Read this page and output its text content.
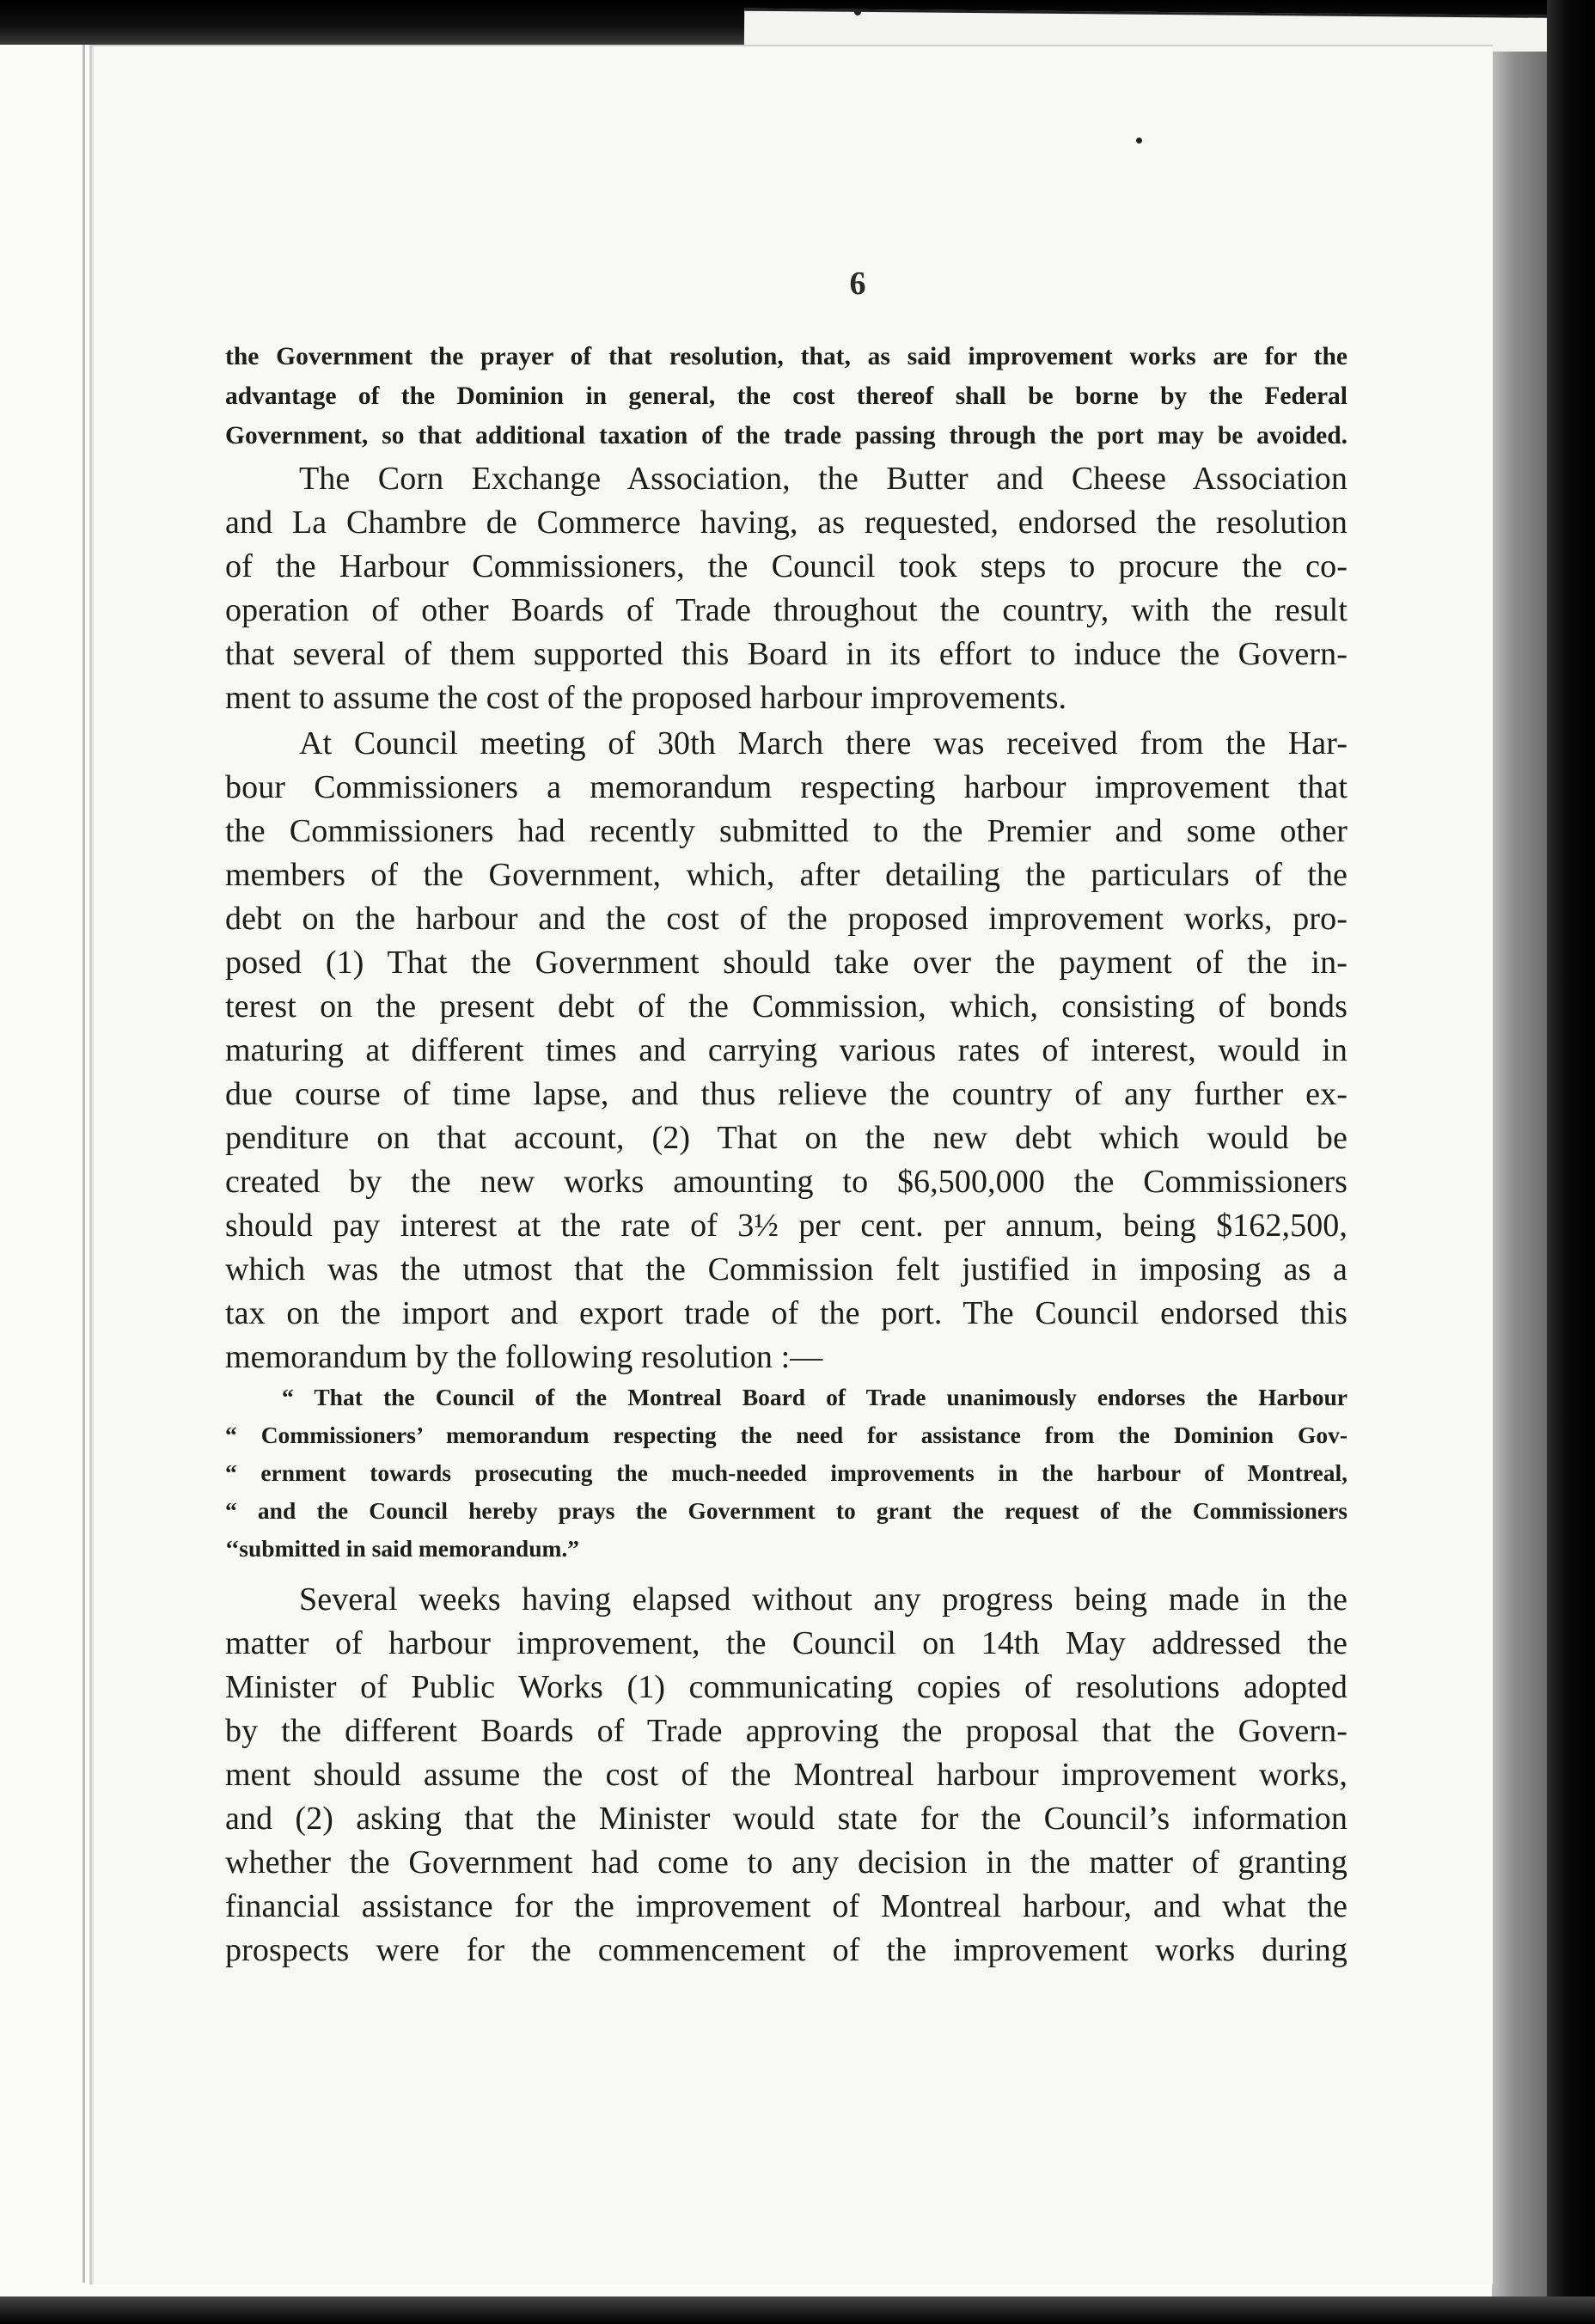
6
the Government the prayer of that resolution, that, as said improvement works are for the
advantage of the Dominion in general, the cost thereof shall be borne by the Federal
Government, so that additional taxation of the trade passing through the port may be avoided.
The Corn Exchange Association, the Butter and Cheese Association
and La Chambre de Commerce having, as requested, endorsed the resolution
of the Harbour Commissioners, the Council took steps to procure the co-
operation of other Boards of Trade throughout the country, with the result
that several of them supported this Board in its effort to induce the Govern-
ment to assume the cost of the proposed harbour improvements.
At Council meeting of 30th March there was received from the Har-
bour Commissioners a memorandum respecting harbour improvement that
the Commissioners had recently submitted to the Premier and some other
members of the Government, which, after detailing the particulars of the
debt on the harbour and the cost of the proposed improvement works, pro-
posed (1) That the Government should take over the payment of the in-
terest on the present debt of the Commission, which, consisting of bonds
maturing at different times and carrying various rates of interest, would in
due course of time lapse, and thus relieve the country of any further ex-
penditure on that account, (2) That on the new debt which would be
created by the new works amounting to $6,500,000 the Commissioners
should pay interest at the rate of 3½ per cent. per annum, being $162,500,
which was the utmost that the Commission felt justified in imposing as a
tax on the import and export trade of the port. The Council endorsed this
memorandum by the following resolution :—
“ That the Council of the Montreal Board of Trade unanimously endorses the Harbour
“ Commissioners’ memorandum respecting the need for assistance from the Dominion Gov-
“ ernment towards prosecuting the much-needed improvements in the harbour of Montreal,
“ and the Council hereby prays the Government to grant the request of the Commissioners
‘‘submitted in said memorandum.”
Several weeks having elapsed without any progress being made in the
matter of harbour improvement, the Council on 14th May addressed the
Minister of Public Works (1) communicating copies of resolutions adopted
by the different Boards of Trade approving the proposal that the Govern-
ment should assume the cost of the Montreal harbour improvement works,
and (2) asking that the Minister would state for the Council’s information
whether the Government had come to any decision in the matter of granting
financial assistance for the improvement of Montreal harbour, and what the
prospects were for the commencement of the improvement works during
